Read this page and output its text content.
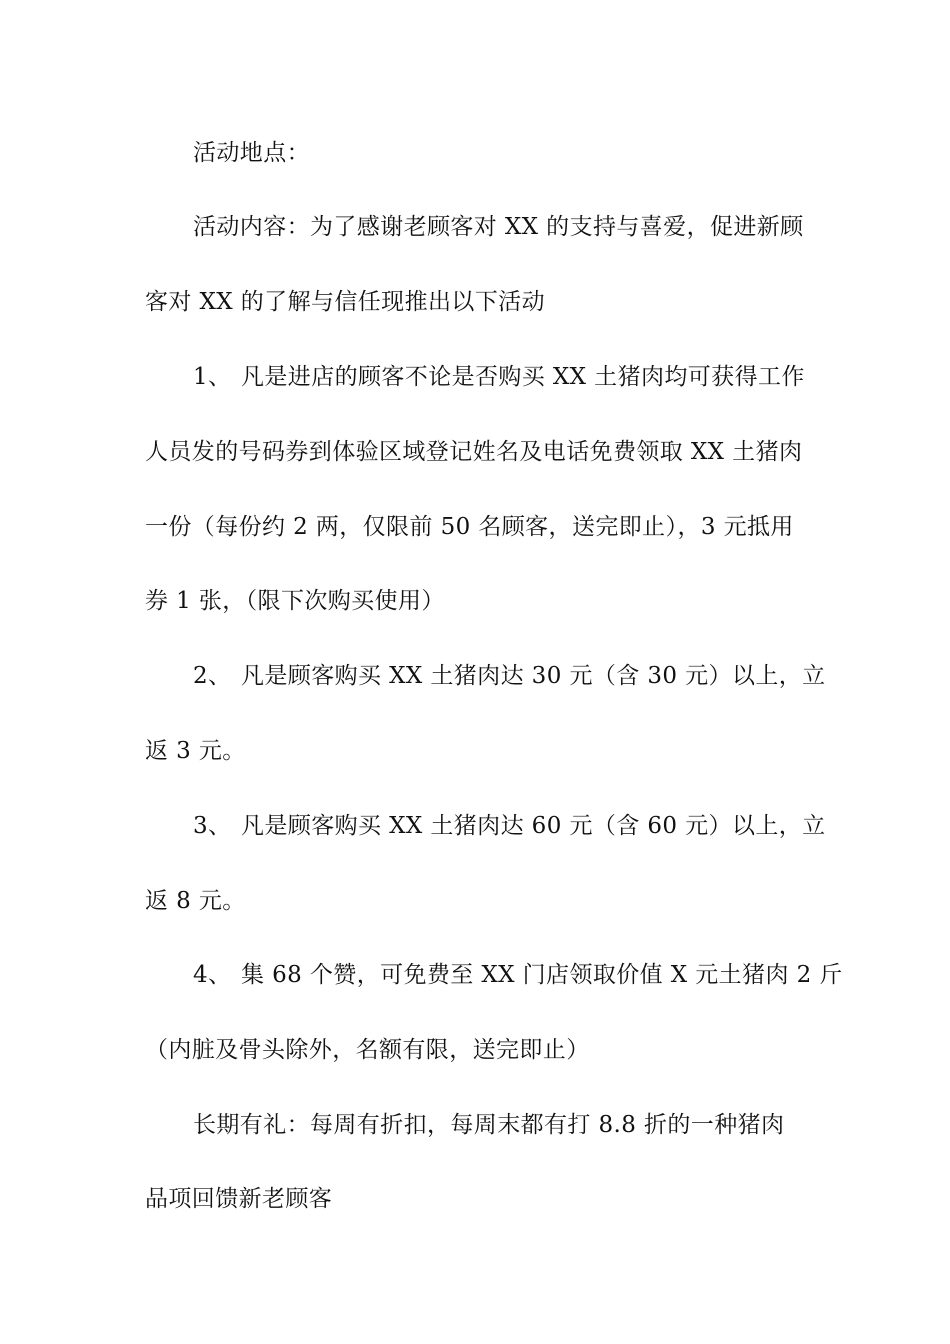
活动地点：
活动内容：为了感谢老顾客对 XX 的支持与喜爱，促进新顾
客对 XX 的了解与信任现推出以下活动
1、 凡是进店的顾客不论是否购买 XX 土猪肉均可获得工作
人员发的号码券到体验区域登记姓名及电话免费领取 XX 土猪肉
一份（每份约 2 两，仅限前 50 名顾客，送完即止），3 元抵用
券 1 张，（限下次购买使用）
2、 凡是顾客购买 XX 土猪肉达 30 元（含 30 元）以上，立
返 3 元。
3、 凡是顾客购买 XX 土猪肉达 60 元（含 60 元）以上，立
返 8 元。
4、 集 68 个赞，可免费至 XX 门店领取价值 X 元土猪肉 2 斤
（内脏及骨头除外，名额有限，送完即止）
长期有礼：每周有折扣，每周末都有打 8.8 折的一种猪肉
品项回馈新老顾客
